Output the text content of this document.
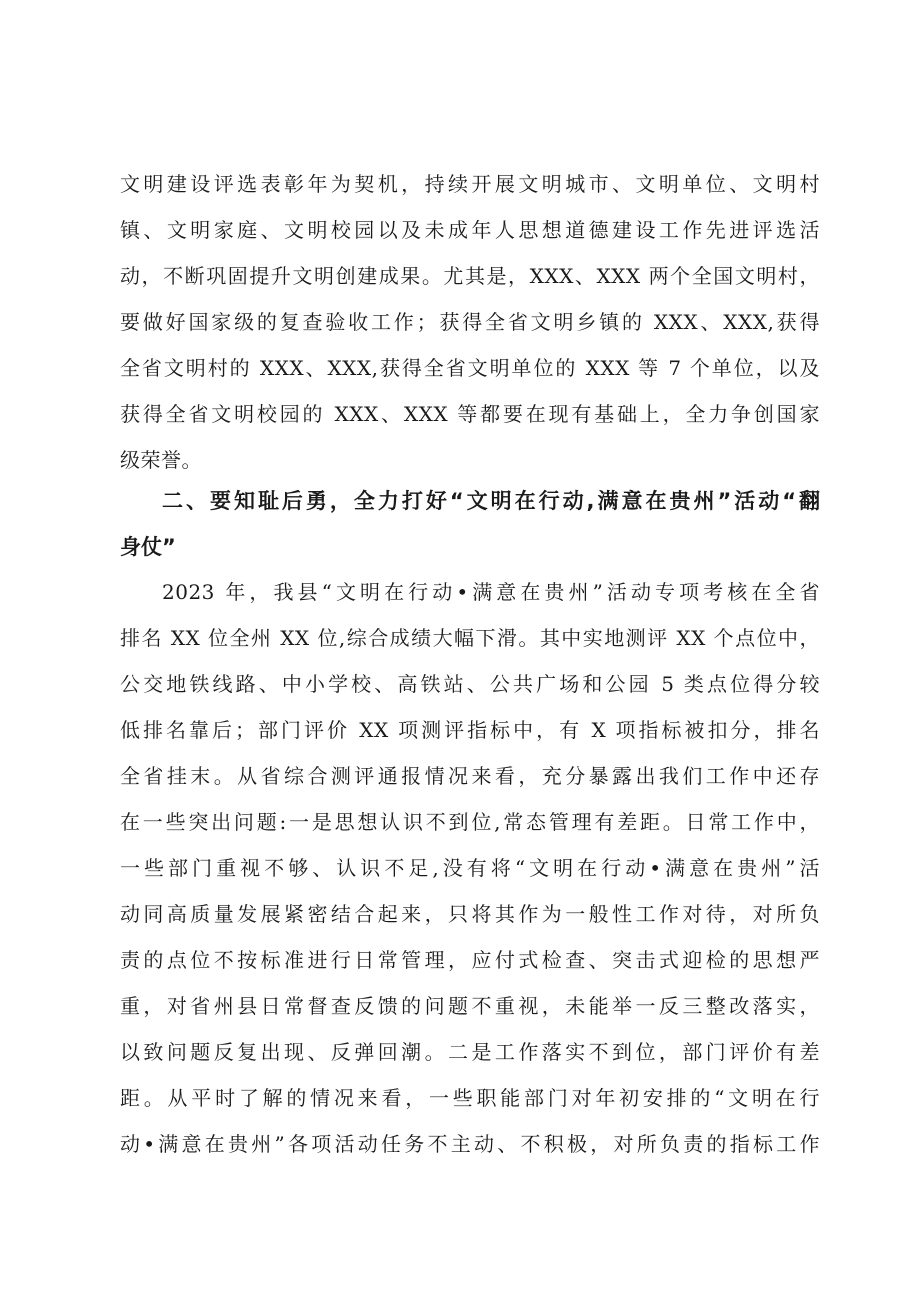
文明建设评选表彰年为契机，持续开展文明城市、文明单位、文明村
镇、文明家庭、文明校园以及未成年人思想道德建设工作先进评选活
动，不断巩固提升文明创建成果。尤其是，XXX、XXX 两个全国文明村，
要做好国家级的复查验收工作；获得全省文明乡镇的 XXX、XXX,获得
全省文明村的 XXX、XXX,获得全省文明单位的 XXX 等 7 个单位，以及
获得全省文明校园的 XXX、XXX 等都要在现有基础上，全力争创国家
级荣誉。
二、要知耻后勇，全力打好“文明在行动,满意在贵州”活动“翻
身仗”
2023 年，我县“文明在行动•满意在贵州”活动专项考核在全省
排名 XX 位全州 XX 位,综合成绩大幅下滑。其中实地测评 XX 个点位中，
公交地铁线路、中小学校、高铁站、公共广场和公园 5 类点位得分较
低排名靠后；部门评价 XX 项测评指标中，有 X 项指标被扣分，排名
全省挂末。从省综合测评通报情况来看，充分暴露出我们工作中还存
在一些突出问题:一是思想认识不到位,常态管理有差距。日常工作中，
一些部门重视不够、认识不足,没有将“文明在行动•满意在贵州”活
动同高质量发展紧密结合起来，只将其作为一般性工作对待，对所负
责的点位不按标准进行日常管理，应付式检查、突击式迎检的思想严
重，对省州县日常督查反馈的问题不重视，未能举一反三整改落实，
以致问题反复出现、反弹回潮。二是工作落实不到位，部门评价有差
距。从平时了解的情况来看，一些职能部门对年初安排的“文明在行
动•满意在贵州”各项活动任务不主动、不积极，对所负责的指标工作
